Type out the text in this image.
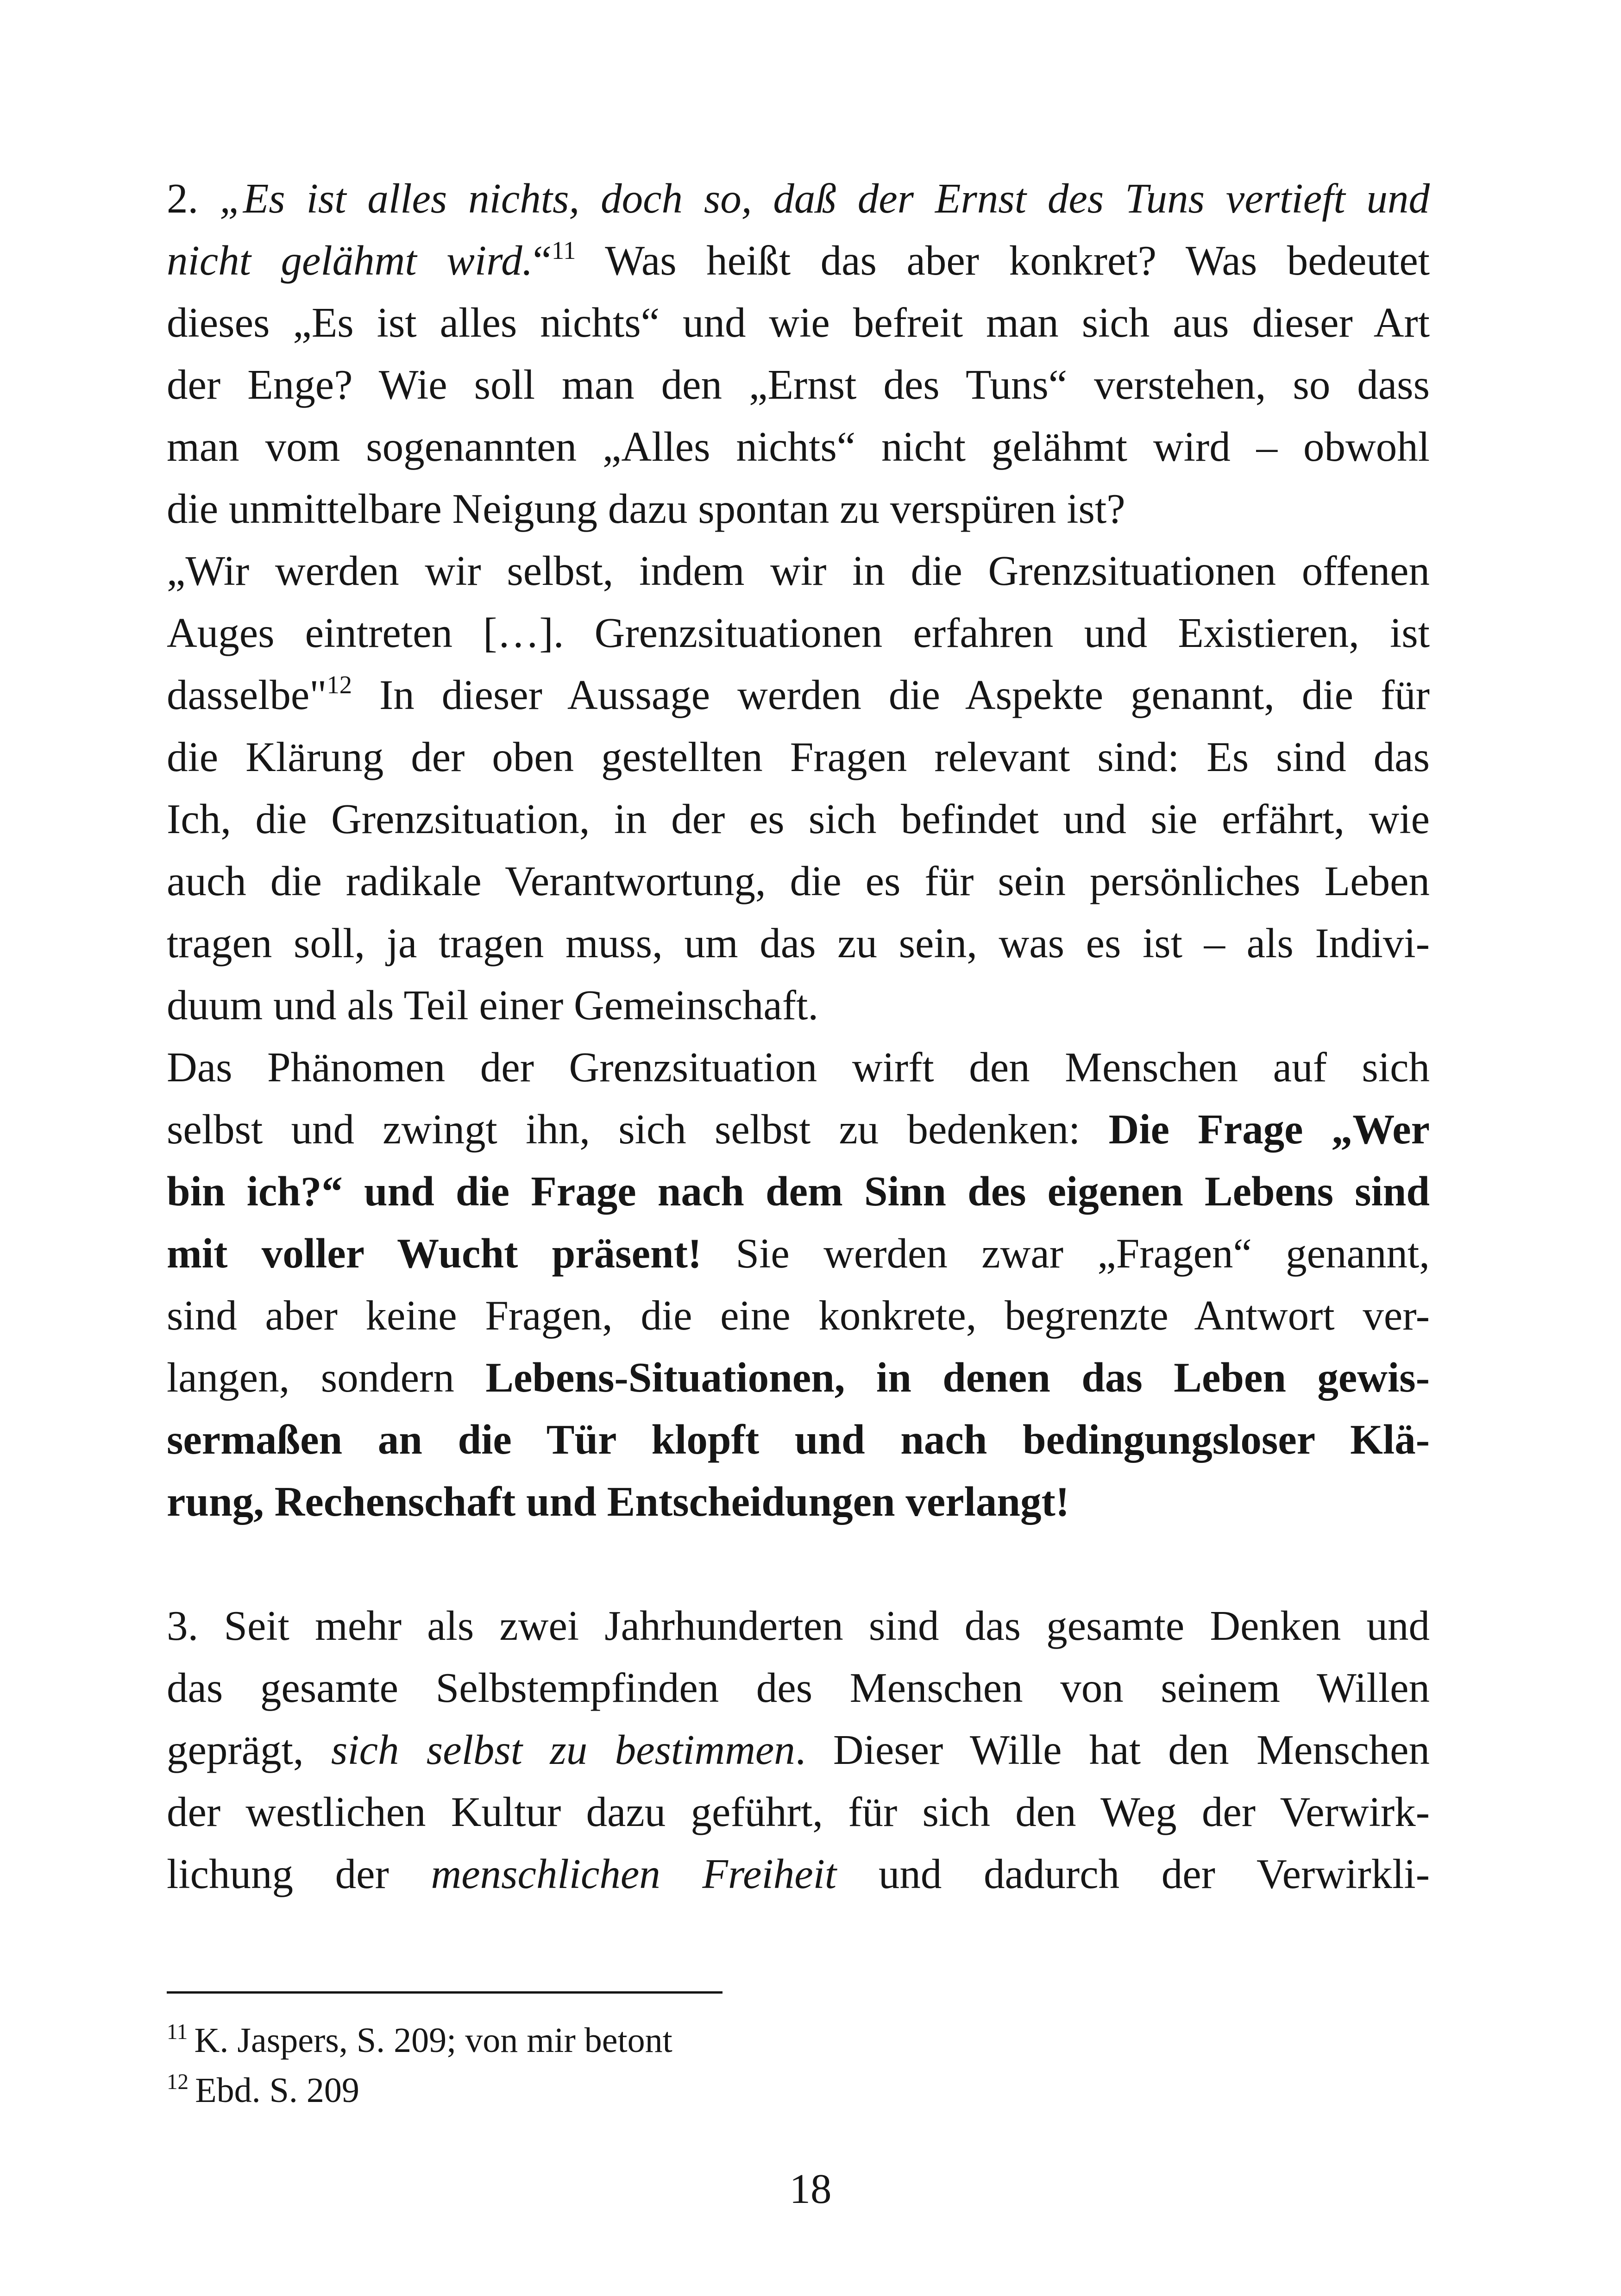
2. „Es ist alles nichts, doch so, daß der Ernst des Tuns vertieft und
nicht gelähmt wird.“$^{11}$ Was heißt das aber konkret? Was bedeutet
dieses „Es ist alles nichts“ und wie befreit man sich aus dieser Art
der Enge? Wie soll man den „Ernst des Tuns“ verstehen, so dass
man vom sogenannten „Alles nichts“ nicht gelähmt wird – obwohl
die unmittelbare Neigung dazu spontan zu verspüren ist?
„Wir werden wir selbst, indem wir in die Grenzsituationen offenen
Auges eintreten […]. Grenzsituationen erfahren und Existieren, ist
dasselbe"$^{12}$ In dieser Aussage werden die Aspekte genannt, die für
die Klärung der oben gestellten Fragen relevant sind: Es sind das
Ich, die Grenzsituation, in der es sich befindet und sie erfährt, wie
auch die radikale Verantwortung, die es für sein persönliches Leben
tragen soll, ja tragen muss, um das zu sein, was es ist – als Indivi-
duum und als Teil einer Gemeinschaft.
Das Phänomen der Grenzsituation wirft den Menschen auf sich
selbst und zwingt ihn, sich selbst zu bedenken: Die Frage „Wer
bin ich?“ und die Frage nach dem Sinn des eigenen Lebens sind
mit voller Wucht präsent! Sie werden zwar „Fragen“ genannt,
sind aber keine Fragen, die eine konkrete, begrenzte Antwort ver-
langen, sondern Lebens-Situationen, in denen das Leben gewis-
sermaßen an die Tür klopft und nach bedingungsloser Klä-
rung, Rechenschaft und Entscheidungen verlangt!
3. Seit mehr als zwei Jahrhunderten sind das gesamte Denken und
das gesamte Selbstempfinden des Menschen von seinem Willen
geprägt, sich selbst zu bestimmen. Dieser Wille hat den Menschen
der westlichen Kultur dazu geführt, für sich den Weg der Verwirk-
lichung der menschlichen Freiheit und dadurch der Verwirkli-
$^{11}$ K. Jaspers, S. 209; von mir betont
$^{12}$ Ebd. S. 209
18
